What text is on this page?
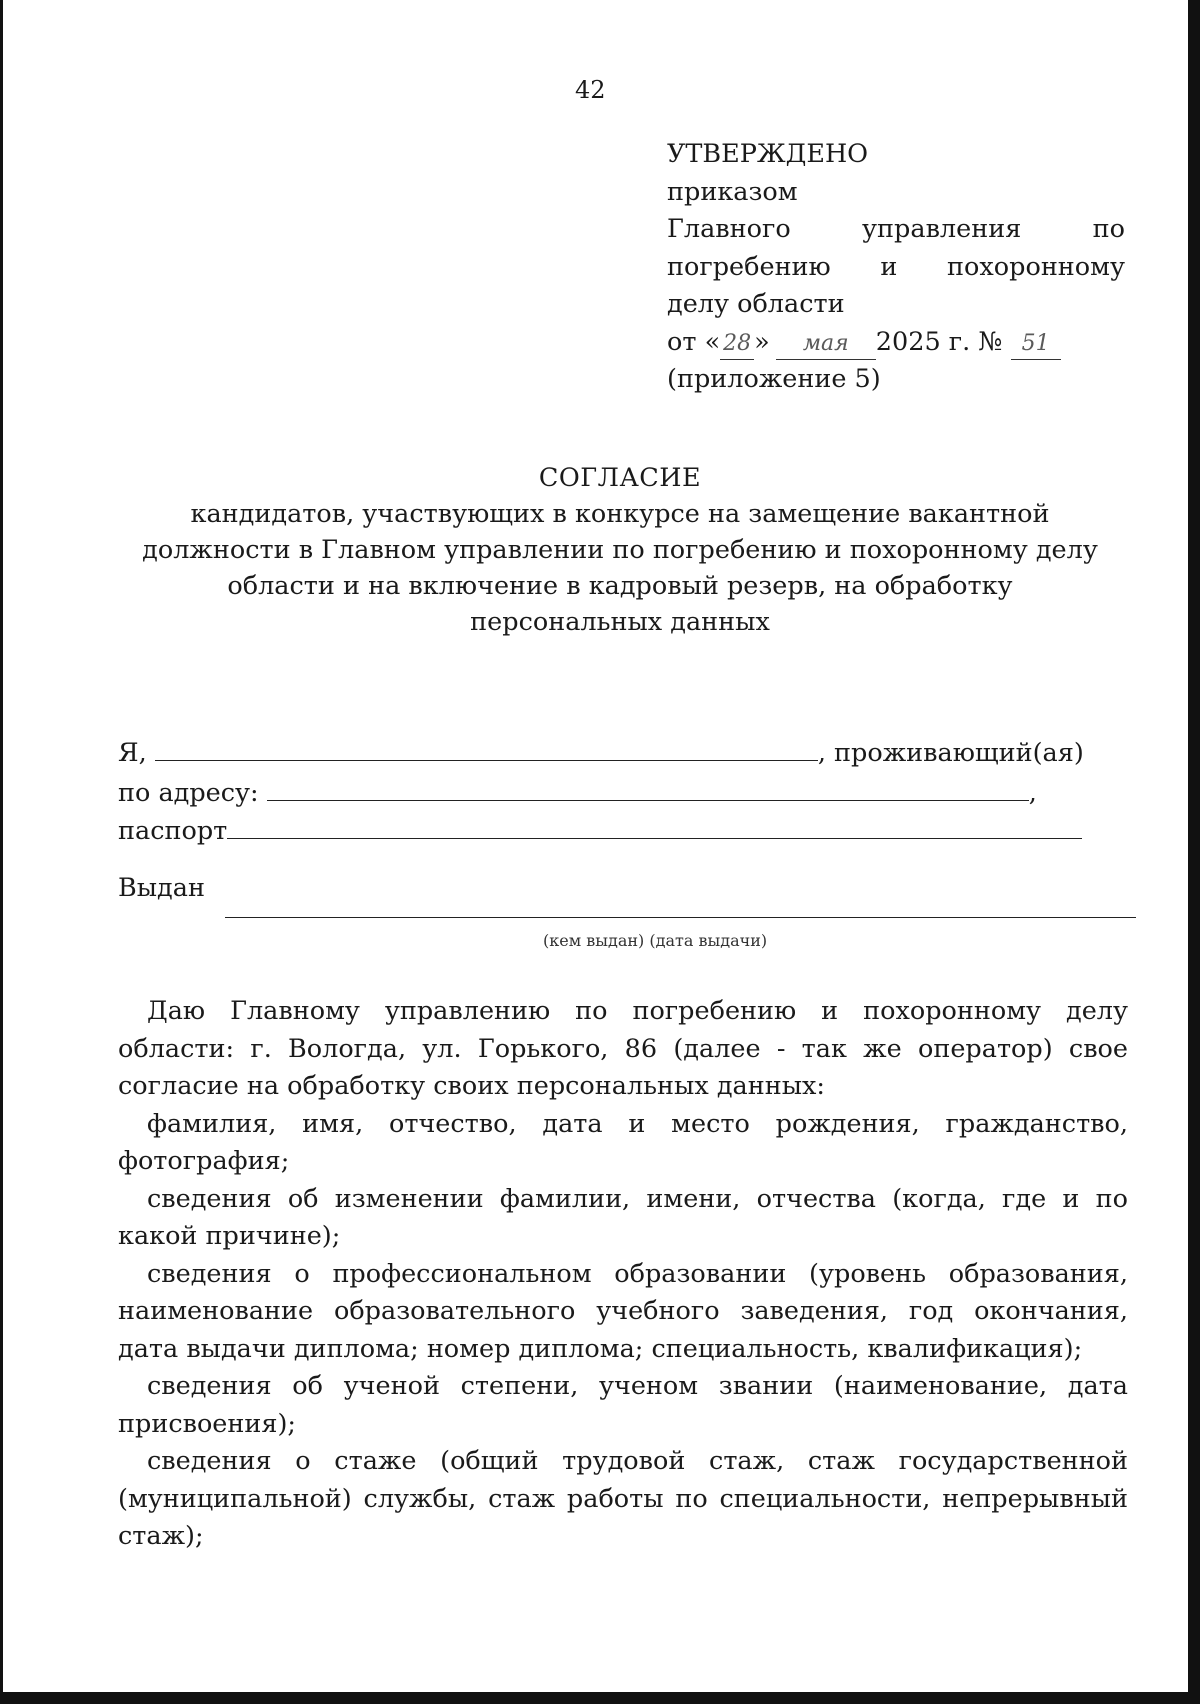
42
УТВЕРЖДЕНО
приказом
Главного управления по
погребению и похоронному
делу области
от « 28 » мая 2025 г. № 51
(приложение 5)
СОГЛАСИЕ
кандидатов, участвующих в конкурсе на замещение вакантной
должности в Главном управлении по погребению и похоронному делу
области и на включение в кадровый резерв, на обработку
персональных данных
Я,	, проживающий(ая)
по адресу:	,
паспорт
Выдан
(кем выдан) (дата выдачи)

Даю Главному управлению по погребению и похоронному делу области: г. Вологда, ул. Горького, 86 (далее - так же оператор) свое согласие на обработку своих персональных данных:

фамилия, имя, отчество, дата и место рождения, гражданство, фотография;

сведения об изменении фамилии, имени, отчества (когда, где и по какой причине);

сведения о профессиональном образовании (уровень образования, наименование образовательного учебного заведения, год окончания, дата выдачи диплома; номер диплома; специальность, квалификация);

сведения об ученой степени, ученом звании (наименование, дата присвоения);

сведения о стаже (общий трудовой стаж, стаж государственной (муниципальной) службы, стаж работы по специальности, непрерывный стаж);
